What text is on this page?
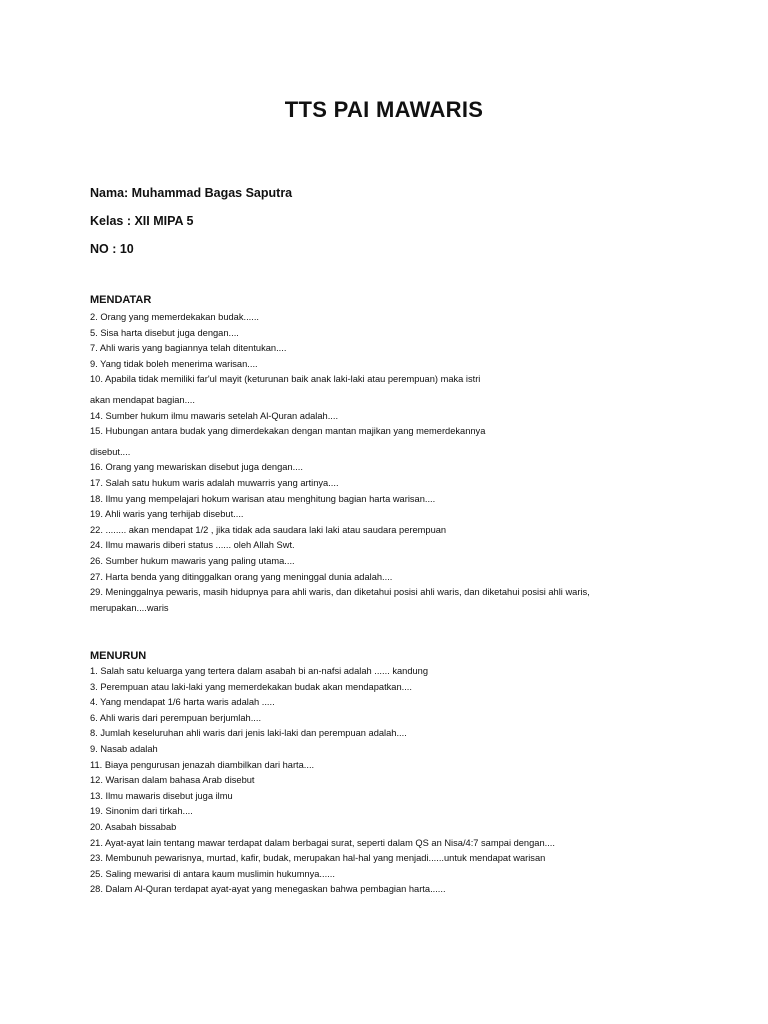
TTS PAI MAWARIS
Nama: Muhammad Bagas Saputra
Kelas : XII MIPA 5
NO : 10
MENDATAR
2. Orang yang memerdekakan budak......
5. Sisa harta disebut juga dengan....
7. Ahli waris yang bagiannya telah ditentukan....
9. Yang tidak boleh menerima warisan....
10. Apabila tidak memiliki far'ul mayit (keturunan baik anak laki-laki atau perempuan) maka istri
akan mendapat bagian....
14. Sumber hukum ilmu mawaris setelah Al-Quran adalah....
15. Hubungan antara budak yang dimerdekakan dengan mantan majikan yang memerdekannya
disebut....
16. Orang yang mewariskan disebut juga dengan....
17. Salah satu hukum waris adalah muwarris yang artinya....
18. Ilmu yang mempelajari hokum warisan atau menghitung bagian harta warisan....
19. Ahli waris yang terhijab disebut....
22. ........ akan mendapat 1/2 , jika tidak ada saudara laki laki atau saudara perempuan
24. Ilmu mawaris diberi status ...... oleh Allah Swt.
26. Sumber hukum mawaris yang paling utama....
27. Harta benda yang ditinggalkan orang yang meninggal dunia adalah....
29. Meninggalnya pewaris, masih hidupnya para ahli waris, dan diketahui posisi ahli waris, dan diketahui posisi ahli waris,
merupakan....waris
MENURUN
1. Salah satu keluarga yang tertera dalam asabah bi an-nafsi adalah ...... kandung
3. Perempuan atau laki-laki yang memerdekakan budak akan mendapatkan....
4. Yang mendapat 1/6 harta waris adalah .....
6. Ahli waris dari perempuan berjumlah....
8. Jumlah keseluruhan ahli waris dari jenis laki-laki dan perempuan adalah....
9. Nasab adalah
11. Biaya pengurusan jenazah diambilkan dari harta....
12. Warisan dalam bahasa Arab disebut
13. Ilmu mawaris disebut juga ilmu
19. Sinonim dari tirkah....
20. Asabah bissabab
21. Ayat-ayat lain tentang mawar terdapat dalam berbagai surat, seperti dalam QS an Nisa/4:7 sampai dengan....
23. Membunuh pewarisnya, murtad, kafir, budak, merupakan hal-hal yang menjadi......untuk mendapat warisan
25. Saling mewarisi di antara kaum muslimin hukumnya......
28. Dalam Al-Quran terdapat ayat-ayat yang menegaskan bahwa pembagian harta......
